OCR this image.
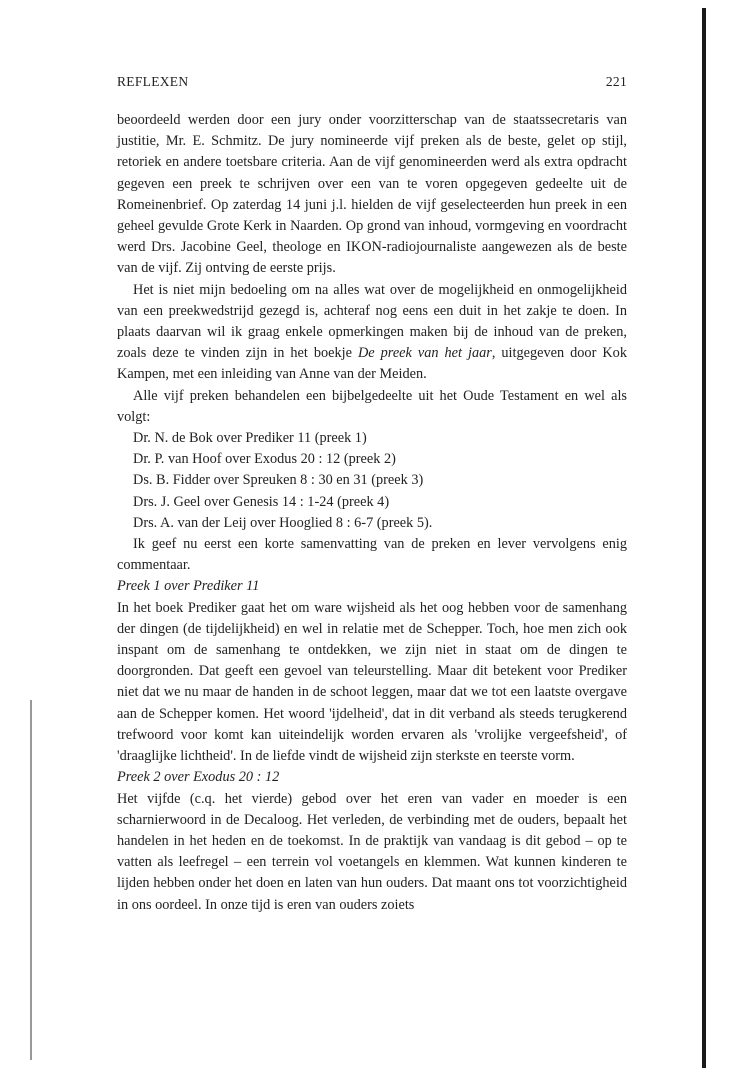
REFLEXEN	221

beoordeeld werden door een jury onder voorzitterschap van de staatssecretaris van justitie, Mr. E. Schmitz. De jury nomineerde vijf preken als de beste, gelet op stijl, retoriek en andere toetsbare criteria. Aan de vijf genomineerden werd als extra opdracht gegeven een preek te schrijven over een van te voren opgegeven gedeelte uit de Romeinenbrief. Op zaterdag 14 juni j.l. hielden de vijf geselecteerden hun preek in een geheel gevulde Grote Kerk in Naarden. Op grond van inhoud, vormgeving en voordracht werd Drs. Jacobine Geel, theologe en IKON-radiojournaliste aangewezen als de beste van de vijf. Zij ontving de eerste prijs.

Het is niet mijn bedoeling om na alles wat over de mogelijkheid en onmogelijkheid van een preekwedstrijd gezegd is, achteraf nog eens een duit in het zakje te doen. In plaats daarvan wil ik graag enkele opmerkingen maken bij de inhoud van de preken, zoals deze te vinden zijn in het boekje De preek van het jaar, uitgegeven door Kok Kampen, met een inleiding van Anne van der Meiden.

Alle vijf preken behandelen een bijbelgedeelte uit het Oude Testament en wel als volgt:

Dr. N. de Bok over Prediker 11 (preek 1)

Dr. P. van Hoof over Exodus 20 : 12 (preek 2)

Ds. B. Fidder over Spreuken 8 : 30 en 31 (preek 3)

Drs. J. Geel over Genesis 14 : 1-24 (preek 4)

Drs. A. van der Leij over Hooglied 8 : 6-7 (preek 5).

Ik geef nu eerst een korte samenvatting van de preken en lever vervolgens enig commentaar.

Preek 1 over Prediker 11

In het boek Prediker gaat het om ware wijsheid als het oog hebben voor de samenhang der dingen (de tijdelijkheid) en wel in relatie met de Schepper. Toch, hoe men zich ook inspant om de samenhang te ontdekken, we zijn niet in staat om de dingen te doorgronden. Dat geeft een gevoel van teleurstelling. Maar dit betekent voor Prediker niet dat we nu maar de handen in de schoot leggen, maar dat we tot een laatste overgave aan de Schepper komen. Het woord 'ijdelheid', dat in dit verband als steeds terugkerend trefwoord voor komt kan uiteindelijk worden ervaren als 'vrolijke vergeefsheid', of 'draaglijke lichtheid'. In de liefde vindt de wijsheid zijn sterkste en teerste vorm.

Preek 2 over Exodus 20 : 12

Het vijfde (c.q. het vierde) gebod over het eren van vader en moeder is een scharnierwoord in de Decaloog. Het verleden, de verbinding met de ouders, bepaalt het handelen in het heden en de toekomst. In de praktijk van vandaag is dit gebod – op te vatten als leefregel – een terrein vol voetangels en klemmen. Wat kunnen kinderen te lijden hebben onder het doen en laten van hun ouders. Dat maant ons tot voorzichtigheid in ons oordeel. In onze tijd is eren van ouders zoiets
